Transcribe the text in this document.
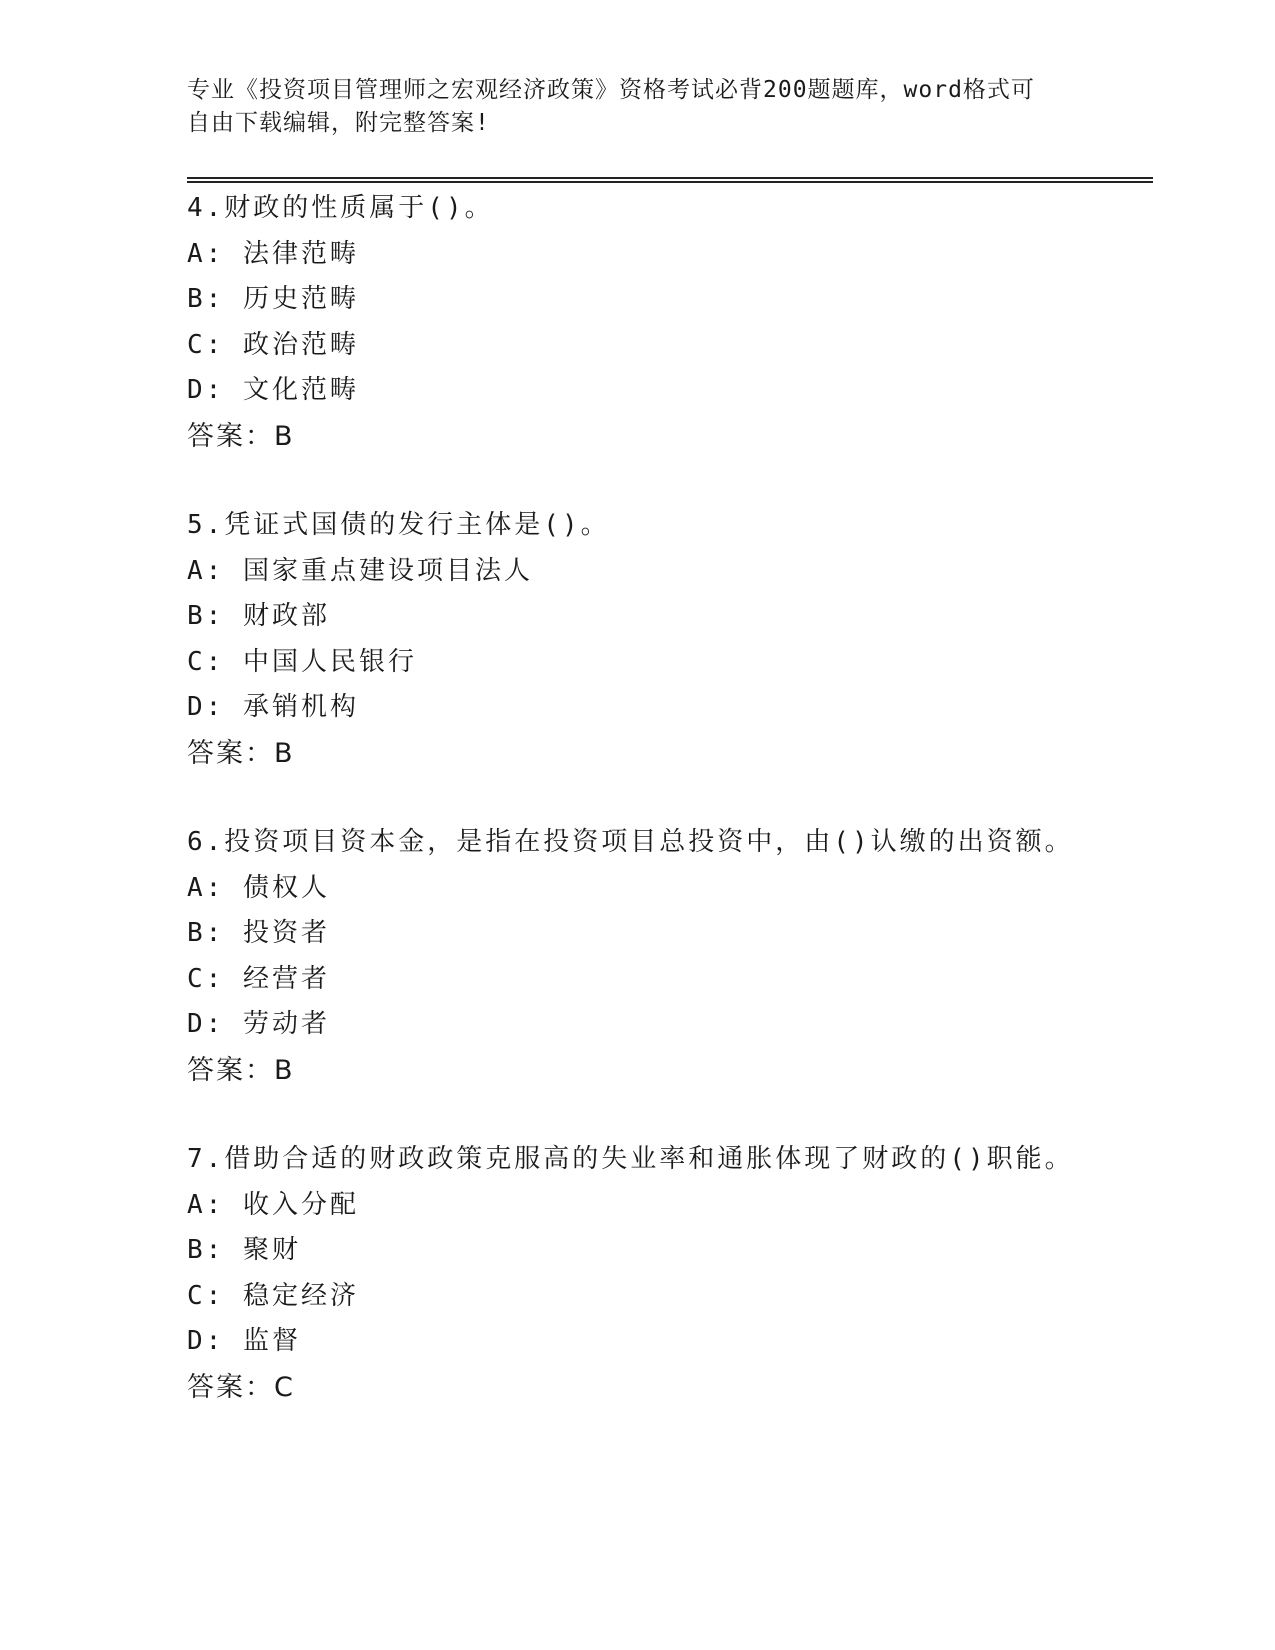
专业《投资项目管理师之宏观经济政策》资格考试必背200题题库，word格式可

自由下载编辑，附完整答案!

4.财政的性质属于()。
A: 法律范畴
B: 历史范畴
C: 政治范畴
D: 文化范畴
答案：B
5.凭证式国债的发行主体是()。
A: 国家重点建设项目法人
B: 财政部
C: 中国人民银行
D: 承销机构
答案：B
6.投资项目资本金，是指在投资项目总投资中，由()认缴的出资额。
A: 债权人
B: 投资者
C: 经营者
D: 劳动者
答案：B
7.借助合适的财政政策克服高的失业率和通胀体现了财政的()职能。
A: 收入分配
B: 聚财
C: 稳定经济
D: 监督
答案：C
